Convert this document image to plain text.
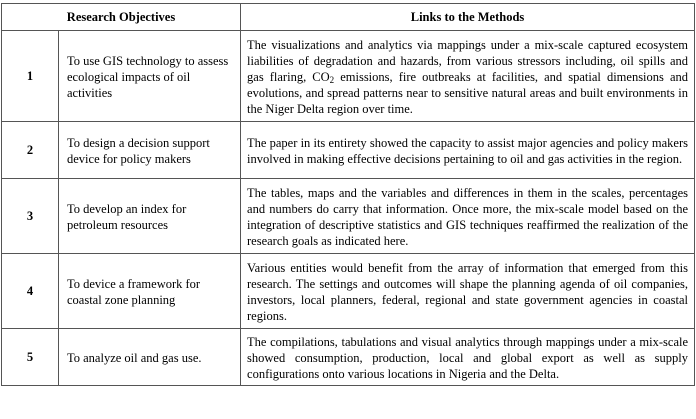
Research Objectives		Links to the Methods
1	To use GIS technology to assess ecological impacts of oil activities	The visualizations and analytics via mappings under a mix-scale captured ecosystem liabilities of degradation and hazards, from various stressors including, oil spills and gas flaring, $CO_2$ emissions, fire outbreaks at facilities, and spatial dimensions and evolutions, and spread patterns near to sensitive natural areas and built environments in the Niger Delta region over time.
2	To design a decision support device for policy makers	The paper in its entirety showed the capacity to assist major agencies and policy makers involved in making effective decisions pertaining to oil and gas activities in the region.
3	To develop an index for petroleum resources	The tables, maps and the variables and differences in them in the scales, percentages and numbers do carry that information. Once more, the mix-scale model based on the integration of descriptive statistics and GIS techniques reaffirmed the realization of the research goals as indicated here.
4	To device a framework for coastal zone planning	Various entities would benefit from the array of information that emerged from this research. The settings and outcomes will shape the planning agenda of oil companies, investors, local planners, federal, regional and state government agencies in coastal regions.
5	To analyze oil and gas use.	The compilations, tabulations and visual analytics through mappings under a mix-scale showed consumption, production, local and global export as well as supply configurations onto various locations in Nigeria and the Delta.
